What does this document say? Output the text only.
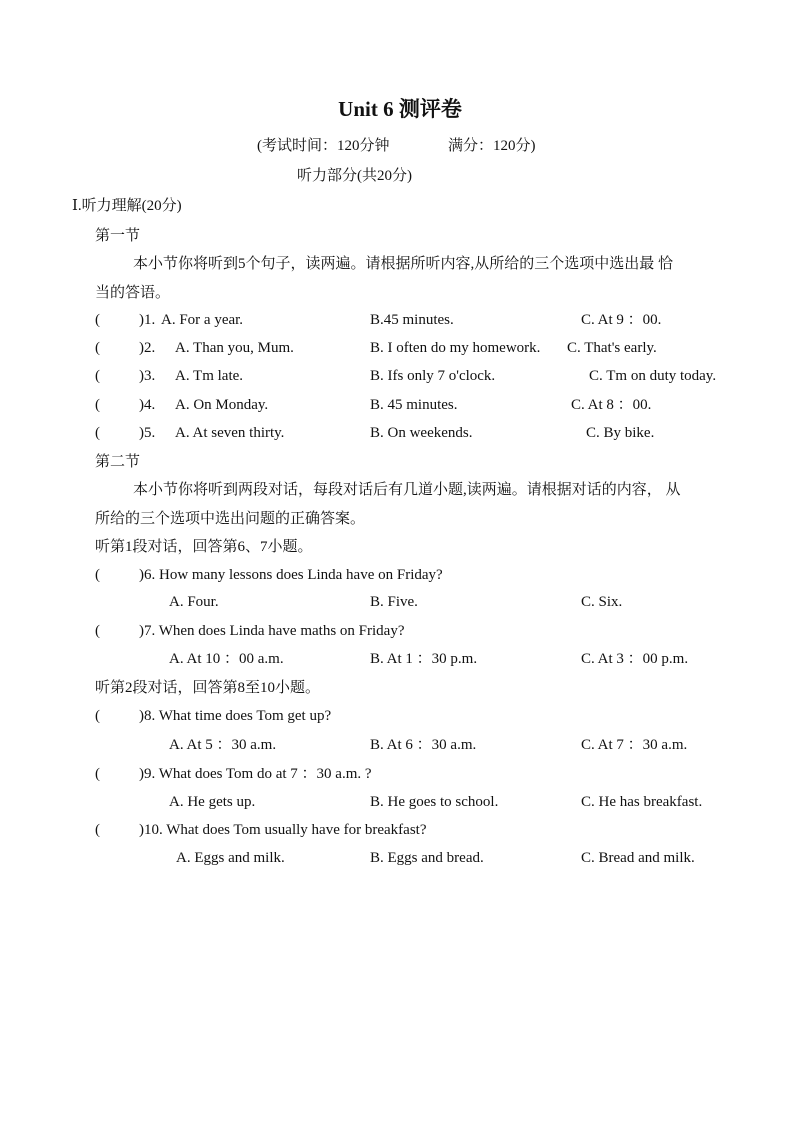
Unit 6 测评卷
(考试时间：120分钟	满分：120分)
听力部分(共20分)
Ⅰ.听力理解(20分)
第一节
本小节你将听到5个句子，读两遍。请根据所听内容,从所给的三个选项中选出最 恰
当的答语。
(	)1. A. For a year.	B.45 minutes.	C. At 9 ：00.
(	)2. A. Than you, Mum.	B. I often do my homework. C. That's early.
(	)3. A. Tm late.	B. Ifs only 7 o'clock.	C. Tm on duty today.
(	)4. A. On Monday.	B. 45 minutes.	C. At 8 ：00.
(	)5. A. At seven thirty.	B. On weekends.	C. By bike.
第二节
本小节你将听到两段对话，每段对话后有几道小题,读两遍。请根据对话的内容， 从
所给的三个选项中选出问题的正确答案。
听第1段对话，回答第6、7小题。
(	)6. How many lessons does Linda have on Friday?
A. Four.	B. Five.	C. Six.
(	)7. When does Linda have maths on Friday?
A. At 10 ：00 a.m.	B. At 1 ：30 p.m.	C. At 3 ：00 p.m.
听第2段对话，回答第8至10小题。
(	)8. What time does Tom get up?
A. At 5 ：30 a.m.	B. At 6 ：30 a.m.	C. At 7 ：30 a.m.
(	)9. What does Tom do at 7 ：30 a.m. ?
A. He gets up.	B. He goes to school.	C. He has breakfast.
(	)10. What does Tom usually have for breakfast?
A. Eggs and milk.	B. Eggs and bread.	C. Bread and milk.
